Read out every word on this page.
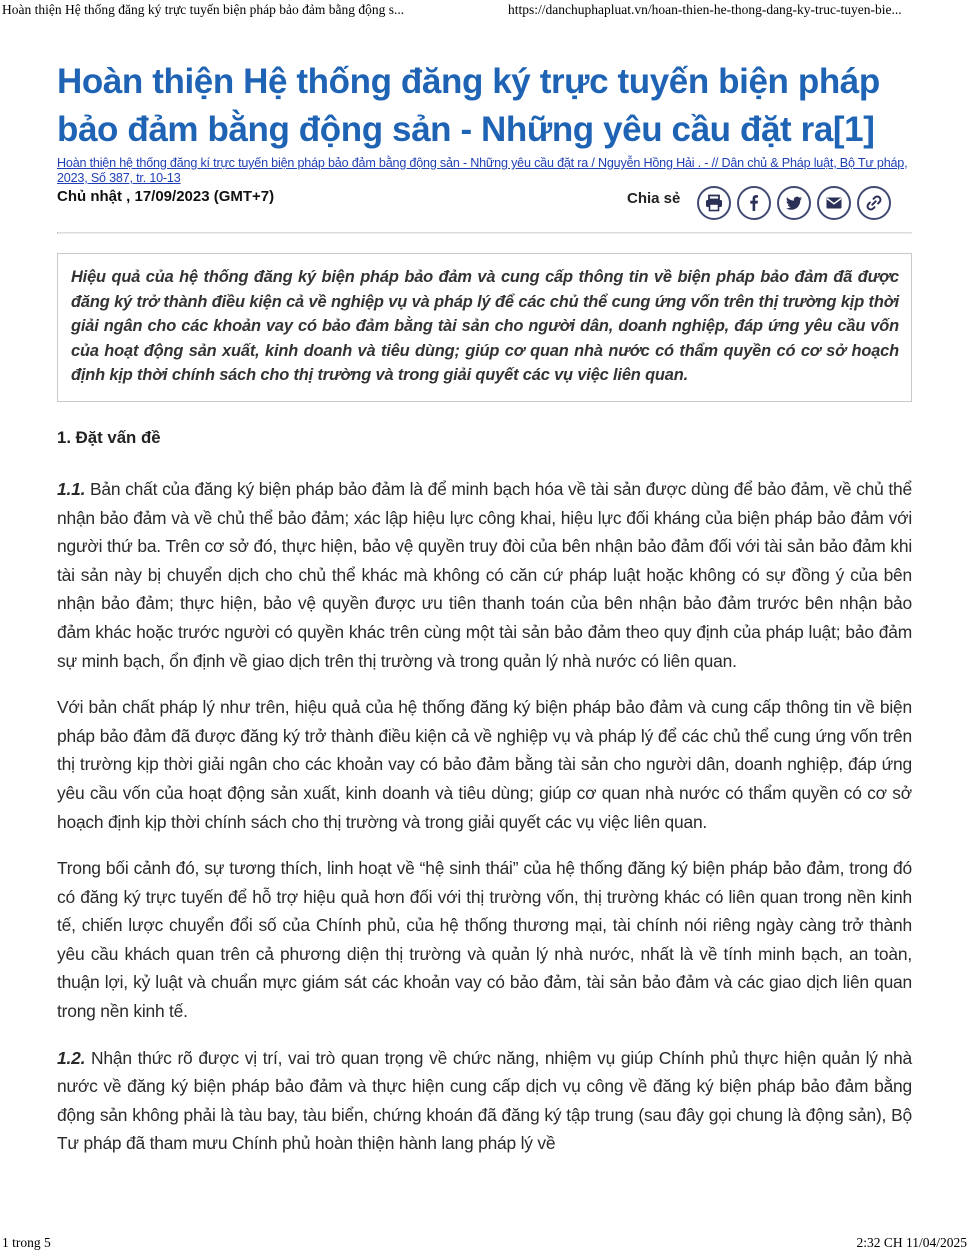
Hoàn thiện Hệ thống đăng ký trực tuyến biện pháp bảo đảm bằng động s...	https://danchuphapluat.vn/hoan-thien-he-thong-dang-ky-truc-tuyen-bie...
Hoàn thiện Hệ thống đăng ký trực tuyến biện pháp bảo đảm bằng động sản - Những yêu cầu đặt ra[1]
Hoàn thiện hệ thống đăng kí trực tuyến biện pháp bảo đảm bằng động sản - Những yêu cầu đặt ra / Nguyễn Hồng Hải . - // Dân chủ & Pháp luật, Bộ Tư pháp, 2023, Số 387, tr. 10-13
Chủ nhật , 17/09/2023 (GMT+7)	Chia sẻ
Hiệu quả của hệ thống đăng ký biện pháp bảo đảm và cung cấp thông tin về biện pháp bảo đảm đã được đăng ký trở thành điều kiện cả về nghiệp vụ và pháp lý để các chủ thể cung ứng vốn trên thị trường kịp thời giải ngân cho các khoản vay có bảo đảm bằng tài sản cho người dân, doanh nghiệp, đáp ứng yêu cầu vốn của hoạt động sản xuất, kinh doanh và tiêu dùng; giúp cơ quan nhà nước có thẩm quyền có cơ sở hoạch định kịp thời chính sách cho thị trường và trong giải quyết các vụ việc liên quan.
1. Đặt vấn đề

1.1. Bản chất của đăng ký biện pháp bảo đảm là để minh bạch hóa về tài sản được dùng để bảo đảm, về chủ thể nhận bảo đảm và về chủ thể bảo đảm; xác lập hiệu lực công khai, hiệu lực đối kháng của biện pháp bảo đảm với người thứ ba. Trên cơ sở đó, thực hiện, bảo vệ quyền truy đòi của bên nhận bảo đảm đối với tài sản bảo đảm khi tài sản này bị chuyển dịch cho chủ thể khác mà không có căn cứ pháp luật hoặc không có sự đồng ý của bên nhận bảo đảm; thực hiện, bảo vệ quyền được ưu tiên thanh toán của bên nhận bảo đảm trước bên nhận bảo đảm khác hoặc trước người có quyền khác trên cùng một tài sản bảo đảm theo quy định của pháp luật; bảo đảm sự minh bạch, ổn định về giao dịch trên thị trường và trong quản lý nhà nước có liên quan.

Với bản chất pháp lý như trên, hiệu quả của hệ thống đăng ký biện pháp bảo đảm và cung cấp thông tin về biện pháp bảo đảm đã được đăng ký trở thành điều kiện cả về nghiệp vụ và pháp lý để các chủ thể cung ứng vốn trên thị trường kịp thời giải ngân cho các khoản vay có bảo đảm bằng tài sản cho người dân, doanh nghiệp, đáp ứng yêu cầu vốn của hoạt động sản xuất, kinh doanh và tiêu dùng; giúp cơ quan nhà nước có thẩm quyền có cơ sở hoạch định kịp thời chính sách cho thị trường và trong giải quyết các vụ việc liên quan.

Trong bối cảnh đó, sự tương thích, linh hoạt về “hệ sinh thái” của hệ thống đăng ký biện pháp bảo đảm, trong đó có đăng ký trực tuyến để hỗ trợ hiệu quả hơn đối với thị trường vốn, thị trường khác có liên quan trong nền kinh tế, chiến lược chuyển đổi số của Chính phủ, của hệ thống thương mại, tài chính nói riêng ngày càng trở thành yêu cầu khách quan trên cả phương diện thị trường và quản lý nhà nước, nhất là về tính minh bạch, an toàn, thuận lợi, kỷ luật và chuẩn mực giám sát các khoản vay có bảo đảm, tài sản bảo đảm và các giao dịch liên quan trong nền kinh tế.

1.2. Nhận thức rõ được vị trí, vai trò quan trọng về chức năng, nhiệm vụ giúp Chính phủ thực hiện quản lý nhà nước về đăng ký biện pháp bảo đảm và thực hiện cung cấp dịch vụ công về đăng ký biện pháp bảo đảm bằng động sản không phải là tàu bay, tàu biển, chứng khoán đã đăng ký tập trung (sau đây gọi chung là động sản), Bộ Tư pháp đã tham mưu Chính phủ hoàn thiện hành lang pháp lý về

1 trong 5	2:32 CH 11/04/2025
